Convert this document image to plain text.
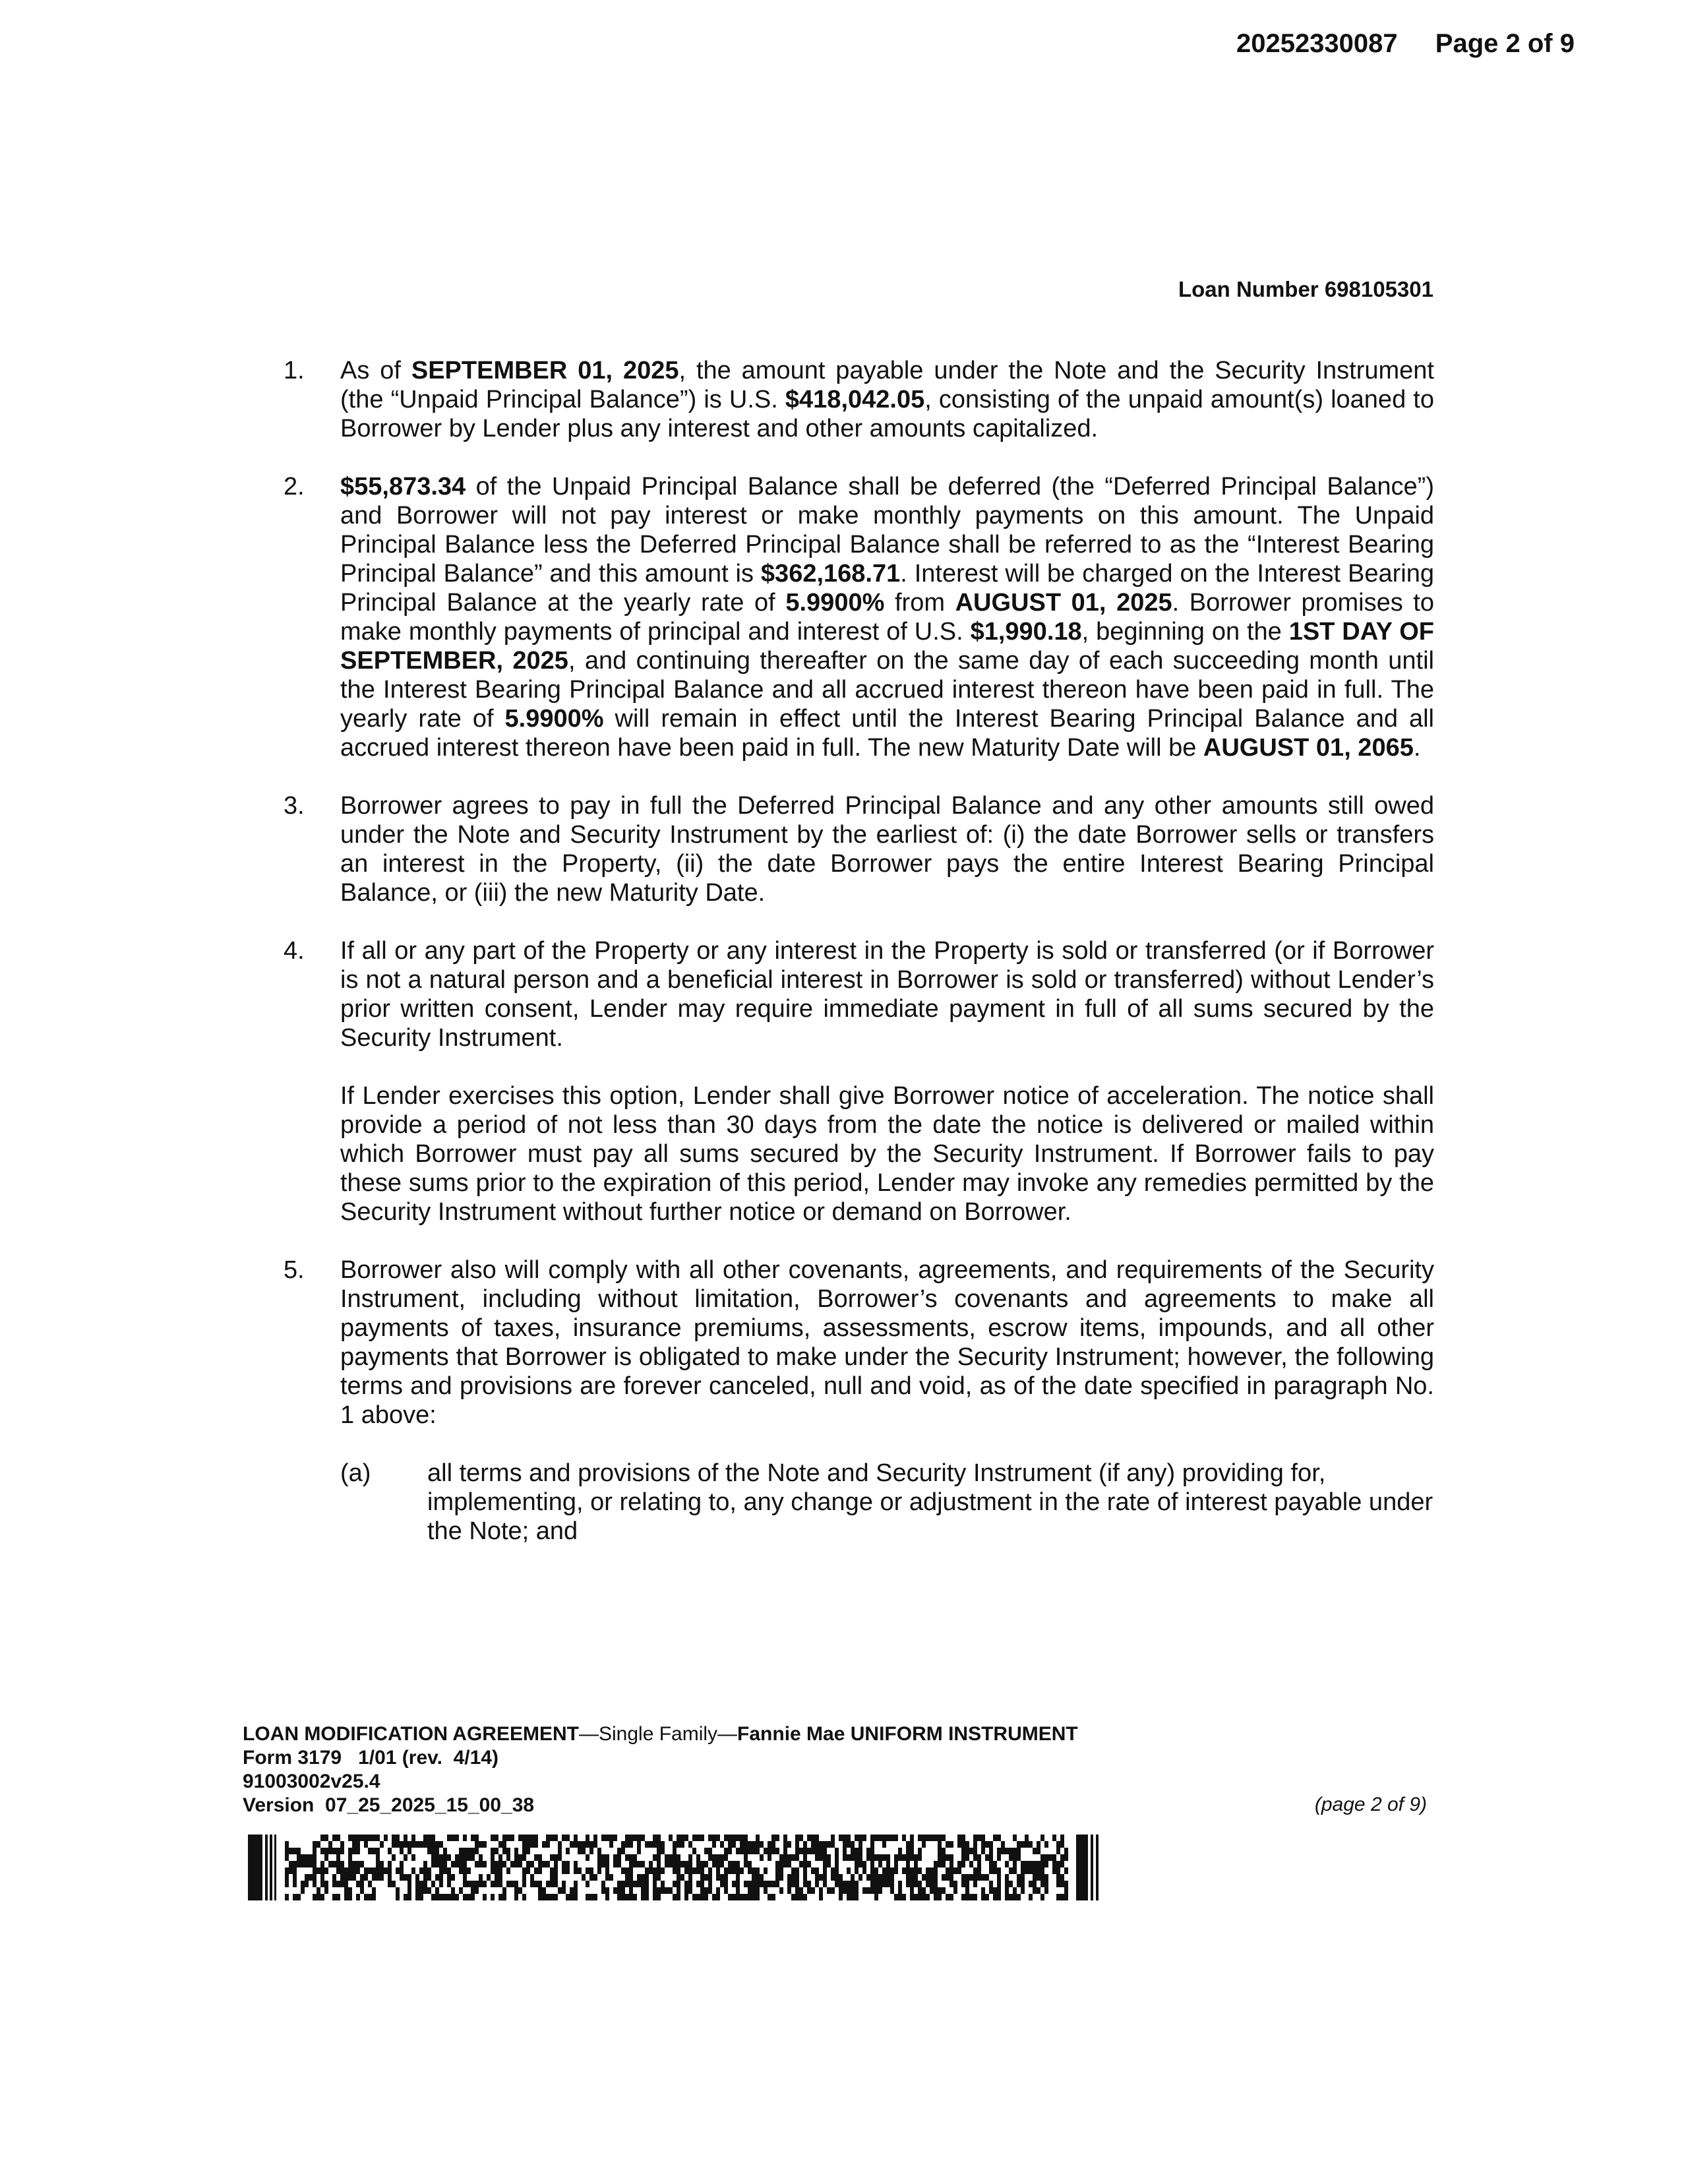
20252330087 Page 2 of 9
Loan Number 698105301
1. As of SEPTEMBER 01, 2025, the amount payable under the Note and the Security Instrument (the “Unpaid Principal Balance”) is U.S. $418,042.05, consisting of the unpaid amount(s) loaned to Borrower by Lender plus any interest and other amounts capitalized.

2. $55,873.34 of the Unpaid Principal Balance shall be deferred (the “Deferred Principal Balance”) and Borrower will not pay interest or make monthly payments on this amount. The Unpaid Principal Balance less the Deferred Principal Balance shall be referred to as the “Interest Bearing Principal Balance” and this amount is $362,168.71. Interest will be charged on the Interest Bearing Principal Balance at the yearly rate of 5.9900% from AUGUST 01, 2025. Borrower promises to make monthly payments of principal and interest of U.S. $1,990.18, beginning on the 1ST DAY OF SEPTEMBER, 2025, and continuing thereafter on the same day of each succeeding month until the Interest Bearing Principal Balance and all accrued interest thereon have been paid in full. The yearly rate of 5.9900% will remain in effect until the Interest Bearing Principal Balance and all accrued interest thereon have been paid in full. The new Maturity Date will be AUGUST 01, 2065.

3. Borrower agrees to pay in full the Deferred Principal Balance and any other amounts still owed under the Note and Security Instrument by the earliest of: (i) the date Borrower sells or transfers an interest in the Property, (ii) the date Borrower pays the entire Interest Bearing Principal Balance, or (iii) the new Maturity Date.

4. If all or any part of the Property or any interest in the Property is sold or transferred (or if Borrower is not a natural person and a beneficial interest in Borrower is sold or transferred) without Lender’s prior written consent, Lender may require immediate payment in full of all sums secured by the Security Instrument.

If Lender exercises this option, Lender shall give Borrower notice of acceleration. The notice shall provide a period of not less than 30 days from the date the notice is delivered or mailed within which Borrower must pay all sums secured by the Security Instrument. If Borrower fails to pay these sums prior to the expiration of this period, Lender may invoke any remedies permitted by the Security Instrument without further notice or demand on Borrower.

5. Borrower also will comply with all other covenants, agreements, and requirements of the Security Instrument, including without limitation, Borrower’s covenants and agreements to make all payments of taxes, insurance premiums, assessments, escrow items, impounds, and all other payments that Borrower is obligated to make under the Security Instrument; however, the following terms and provisions are forever canceled, null and void, as of the date specified in paragraph No. 1 above:

(a) all terms and provisions of the Note and Security Instrument (if any) providing for, implementing, or relating to, any change or adjustment in the rate of interest payable under the Note; and

LOAN MODIFICATION AGREEMENT—Single Family—Fannie Mae UNIFORM INSTRUMENT
Form 3179   1/01 (rev.  4/14)
91003002v25.4
Version  07_25_2025_15_00_38	(page 2 of 9)
